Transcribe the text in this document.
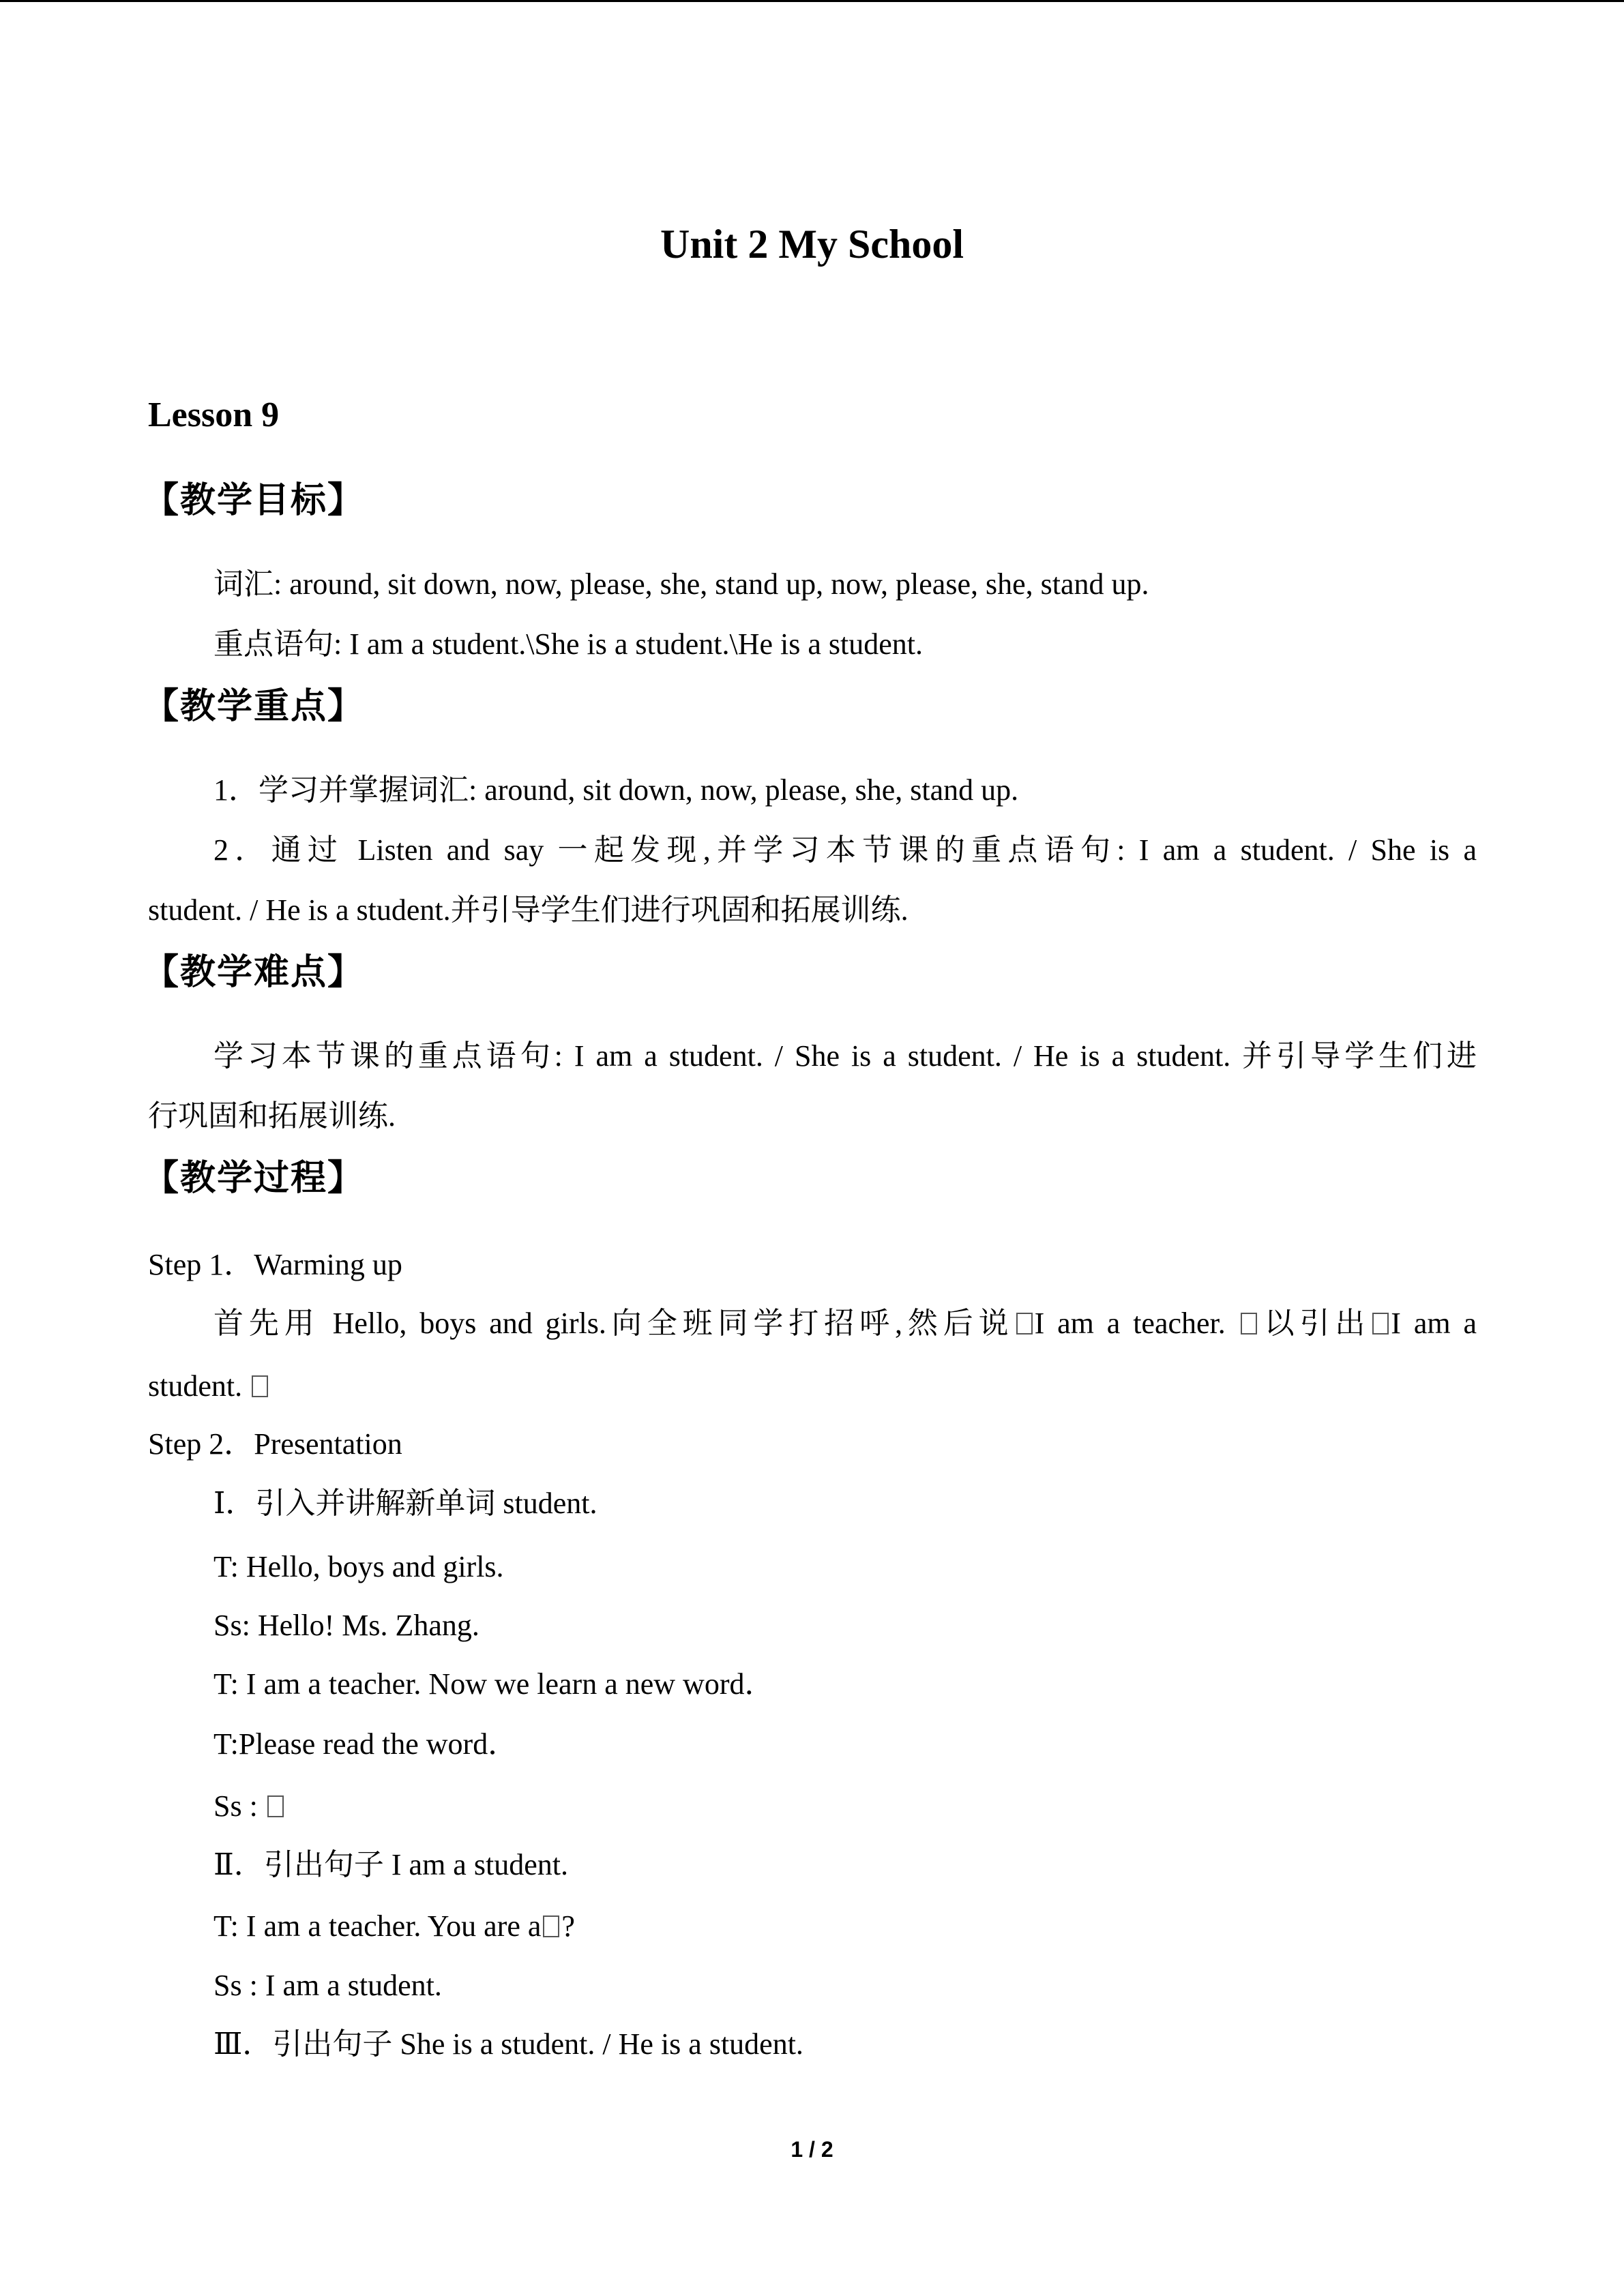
Unit 2 My School
Lesson 9
【教学目标】
词汇: around, sit down, now, please, she, stand up, now, please, she, stand up.
重点语句: I am a student.\She is a student.\He is a student.
【教学重点】
1．学习并掌握词汇: around, sit down, now, please, she, stand up.
2．通过 Listen and say 一起发现,并学习本节课的重点语句: I am a student. / She is a
student. / He is a student.并引导学生们进行巩固和拓展训练.
【教学难点】
学习本节课的重点语句: I am a student. / She is a student. / He is a student. 并引导学生们进
行巩固和拓展训练.
【教学过程】
Step 1．Warming up
首先用 Hello, boys and girls.向全班同学打招呼,然后说 I am a teacher. 以引出 I am a
student.
Step 2．Presentation
Ⅰ．引入并讲解新单词 student.
T: Hello, boys and girls.
Ss: Hello! Ms. Zhang.
T: I am a teacher. Now we learn a new word．
T:Please read the word．
Ss :
Ⅱ．引出句子 I am a student.
T: I am a teacher. You are a ?
Ss : I am a student.
Ⅲ．引出句子 She is a student. / He is a student.
1 / 2
